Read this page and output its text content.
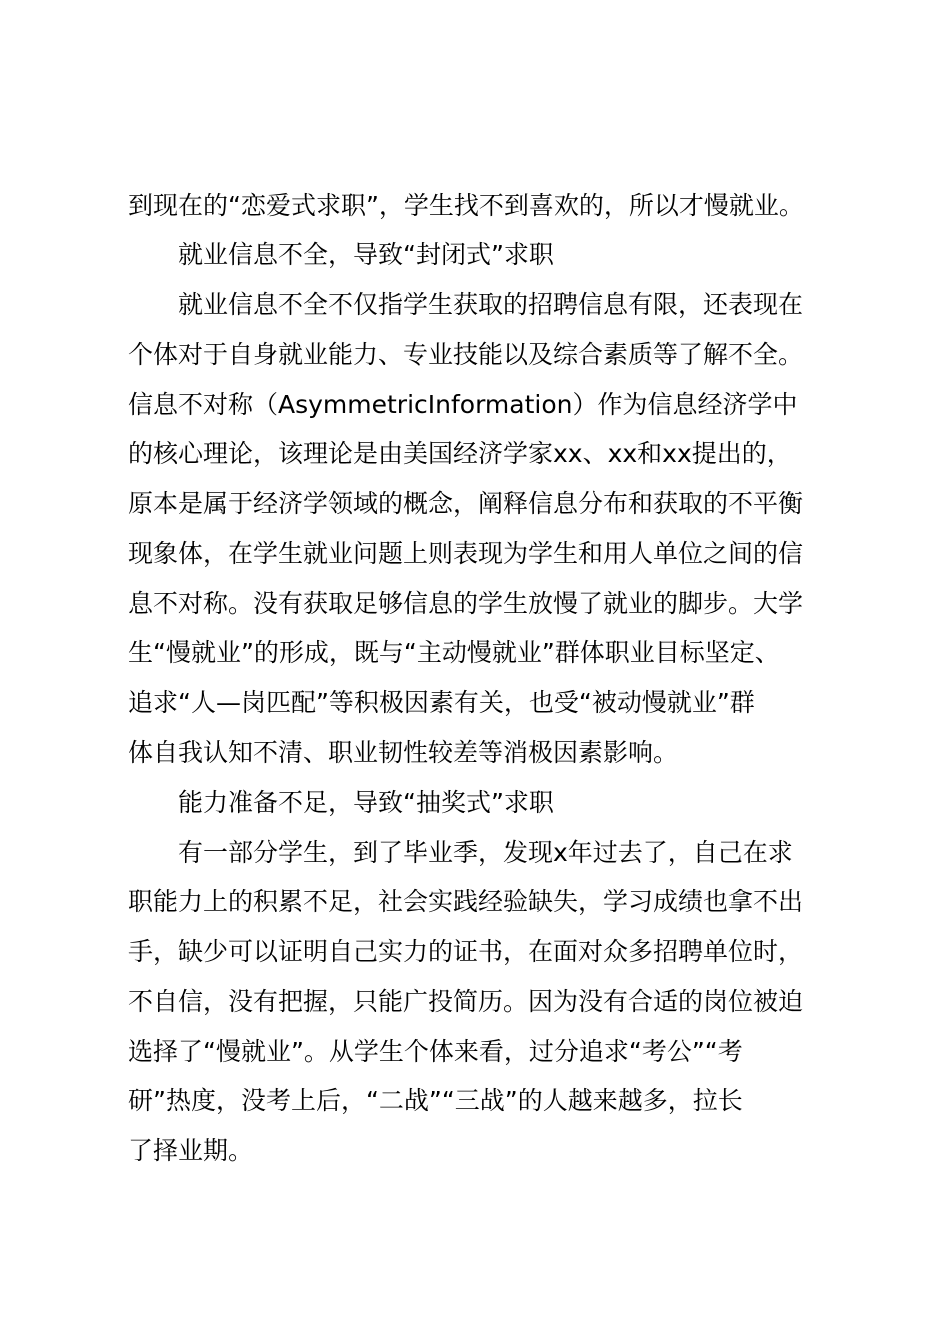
到现在的“恋爱式求职”，学生找不到喜欢的，所以才慢就业。
就业信息不全，导致“封闭式”求职
就业信息不全不仅指学生获取的招聘信息有限，还表现在
个体对于自身就业能力、专业技能以及综合素质等了解不全。
信息不对称（AsymmetricInformation）作为信息经济学中
的核心理论，该理论是由美国经济学家xx、xx和xx提出的，
原本是属于经济学领域的概念，阐释信息分布和获取的不平衡
现象体，在学生就业问题上则表现为学生和用人单位之间的信
息不对称。没有获取足够信息的学生放慢了就业的脚步。大学
生“慢就业”的形成，既与“主动慢就业”群体职业目标坚定、
追求“人—岗匹配”等积极因素有关，也受“被动慢就业”群
体自我认知不清、职业韧性较差等消极因素影响。
能力准备不足，导致“抽奖式”求职
有一部分学生，到了毕业季，发现x年过去了，自己在求
职能力上的积累不足，社会实践经验缺失，学习成绩也拿不出
手，缺少可以证明自己实力的证书，在面对众多招聘单位时，
不自信，没有把握，只能广投简历。因为没有合适的岗位被迫
选择了“慢就业”。从学生个体来看，过分追求“考公”“考
研”热度，没考上后，“二战”“三战”的人越来越多，拉长
了择业期。
